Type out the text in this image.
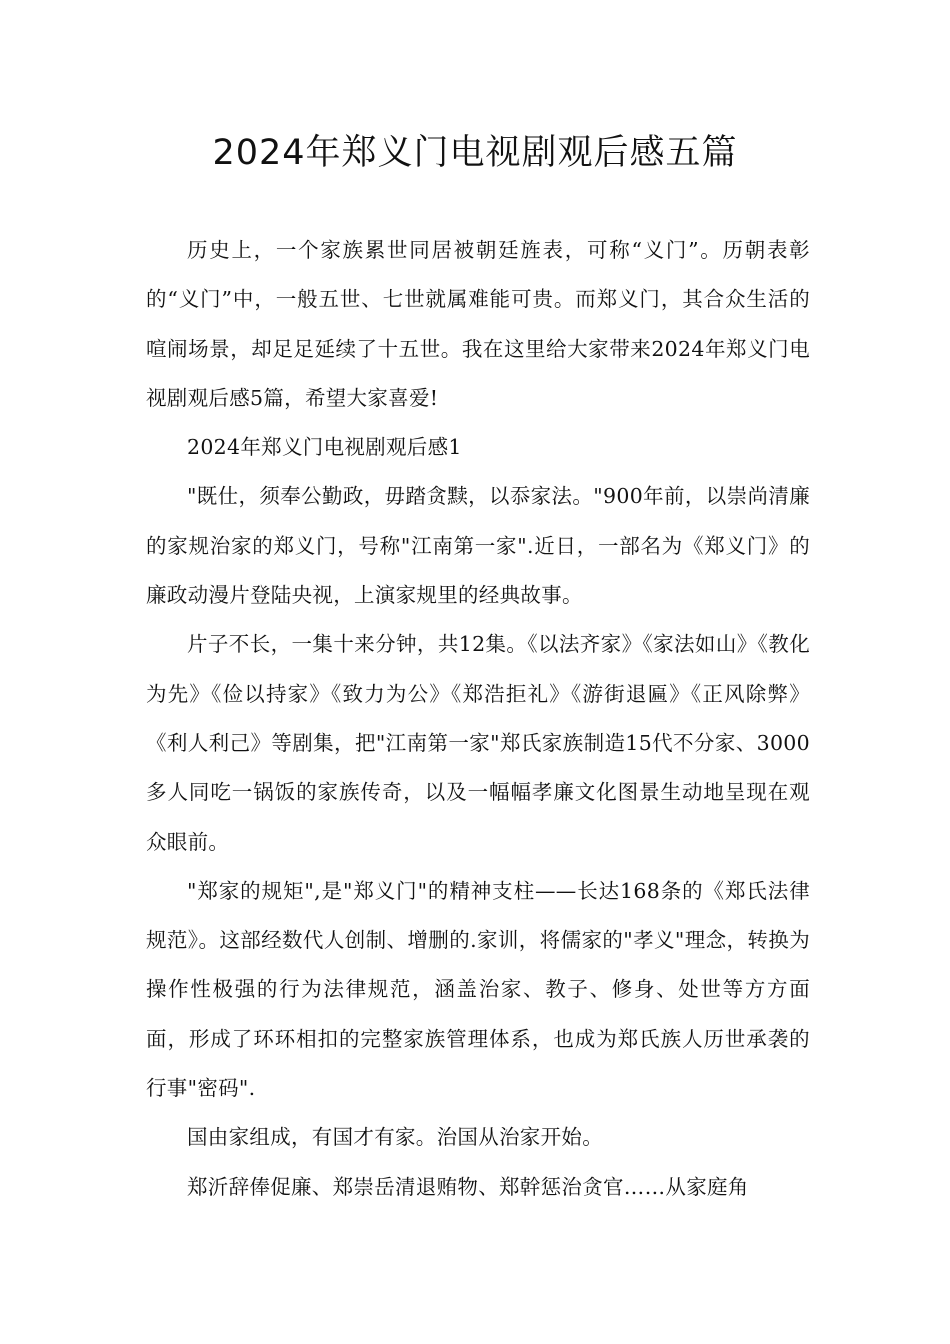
2024年郑义门电视剧观后感五篇

历史上，一个家族累世同居被朝廷旌表，可称“义门”。历朝表彰的“义门”中，一般五世、七世就属难能可贵。而郑义门，其合众生活的喧闹场景，却足足延续了十五世。我在这里给大家带来2024年郑义门电视剧观后感5篇，希望大家喜爱!

2024年郑义门电视剧观后感1

"既仕，须奉公勤政，毋踏贪黩，以忝家法。"900年前，以崇尚清廉的家规治家的郑义门，号称"江南第一家".近日，一部名为《郑义门》的廉政动漫片登陆央视，上演家规里的经典故事。

片子不长，一集十来分钟，共12集。《以法齐家》《家法如山》《教化为先》《俭以持家》《致力为公》《郑浩拒礼》《游街退匾》《正风除弊》《利人利己》等剧集，把"江南第一家"郑氏家族制造15代不分家、3000多人同吃一锅饭的家族传奇，以及一幅幅孝廉文化图景生动地呈现在观众眼前。

"郑家的规矩",是"郑义门"的精神支柱——长达168条的《郑氏法律规范》。这部经数代人创制、增删的.家训，将儒家的"孝义"理念，转换为操作性极强的行为法律规范，涵盖治家、教子、修身、处世等方方面面，形成了环环相扣的完整家族管理体系，也成为郑氏族人历世承袭的行事"密码".

国由家组成，有国才有家。治国从治家开始。

郑沂辞俸促廉、郑崇岳清退贿物、郑幹惩治贪官……从家庭角
